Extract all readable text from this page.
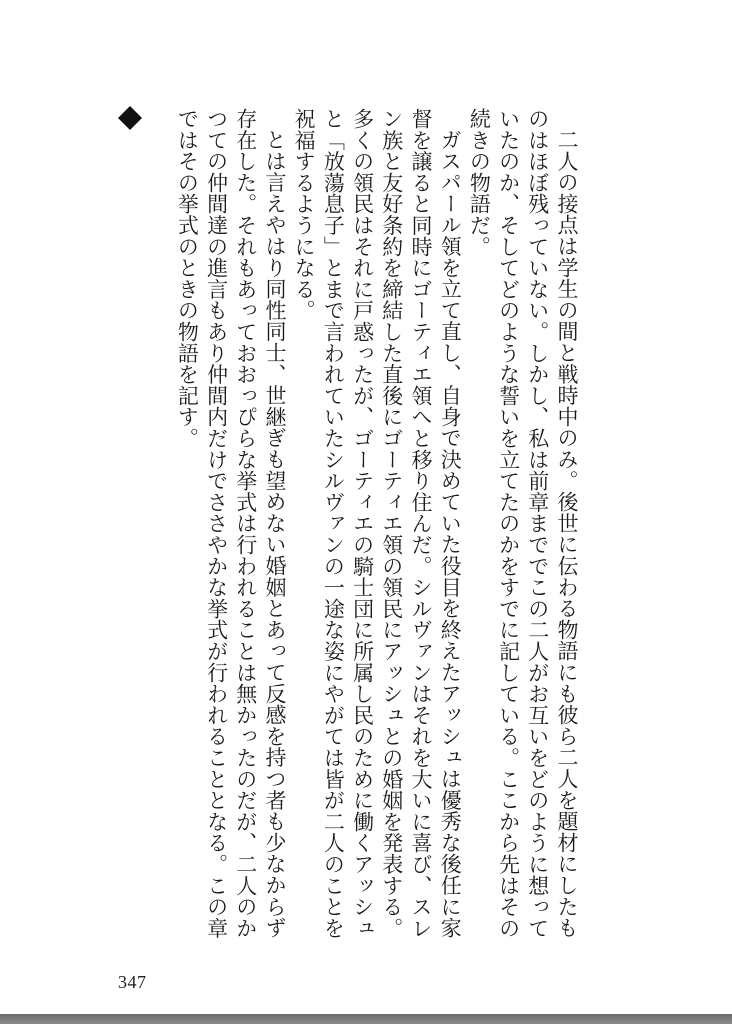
二人の接点は学生の間と戦時中のみ。後世に伝わる物語にも彼ら二人を題材にしたものはほぼ残っていない。しかし、私は前章まででこの二人がお互いをどのように想っていたのか、そしてどのような誓いを立てたのかをすでに記している。ここから先はその続きの物語だ。

ガスパール領を立て直し、自身で決めていた役目を終えたアッシュは優秀な後任に家督を譲ると同時にゴーティエ領へと移り住んだ。シルヴァンはそれを大いに喜び、スレン族と友好条約を締結した直後にゴーティエ領の領民にアッシュとの婚姻を発表する。多くの領民はそれに戸惑ったが、ゴーティエの騎士団に所属し民のために働くアッシュと「放蕩息子」とまで言われていたシルヴァンの一途な姿にやがては皆が二人のことを祝福するようになる。

とは言えやはり同性同士、世継ぎも望めない婚姻とあって反感を持つ者も少なからず存在した。それもあっておおっぴらな挙式は行われることは無かったのだが、二人のかつての仲間達の進言もあり仲間内だけでささやかな挙式が行われることとなる。この章ではその挙式のときの物語を記す。

347
